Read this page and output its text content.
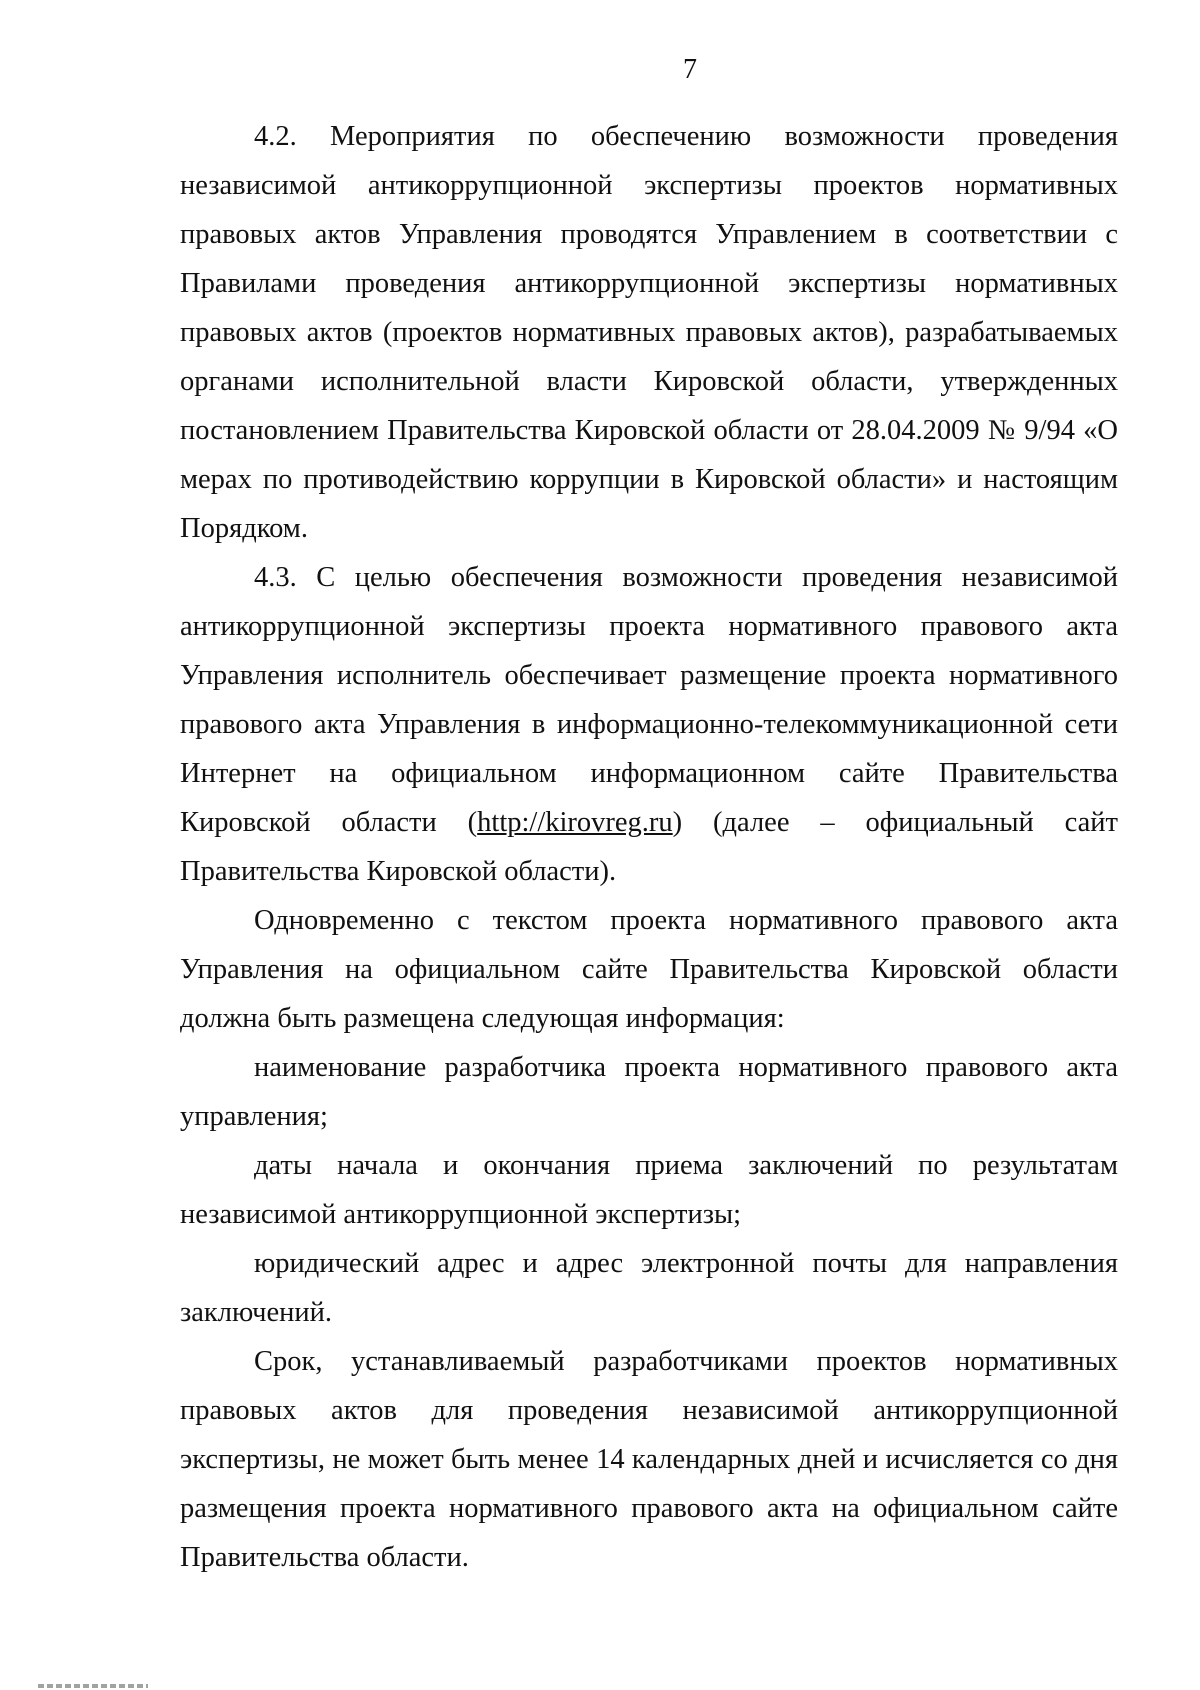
7

4.2. Мероприятия по обеспечению возможности проведения независимой антикоррупционной экспертизы проектов нормативных правовых актов Управления проводятся Управлением в соответствии с Правилами проведения антикоррупционной экспертизы нормативных правовых актов (проектов нормативных правовых актов), разрабатываемых органами исполнительной власти Кировской области, утвержденных постановлением Правительства Кировской области от 28.04.2009 № 9/94 «О мерах по противодействию коррупции в Кировской области» и настоящим Порядком.

4.3. С целью обеспечения возможности проведения независимой антикоррупционной экспертизы проекта нормативного правового акта Управления исполнитель обеспечивает размещение проекта нормативного правового акта Управления в информационно-телекоммуникационной сети Интернет на официальном информационном сайте Правительства Кировской области (http://kirovreg.ru) (далее – официальный сайт Правительства Кировской области).

Одновременно с текстом проекта нормативного правового акта Управления на официальном сайте Правительства Кировской области должна быть размещена следующая информация:

наименование разработчика проекта нормативного правового акта управления;

даты начала и окончания приема заключений по результатам независимой антикоррупционной экспертизы;

юридический адрес и адрес электронной почты для направления заключений.

Срок, устанавливаемый разработчиками проектов нормативных правовых актов для проведения независимой антикоррупционной экспертизы, не может быть менее 14 календарных дней и исчисляется со дня размещения проекта нормативного правового акта на официальном сайте Правительства области.
